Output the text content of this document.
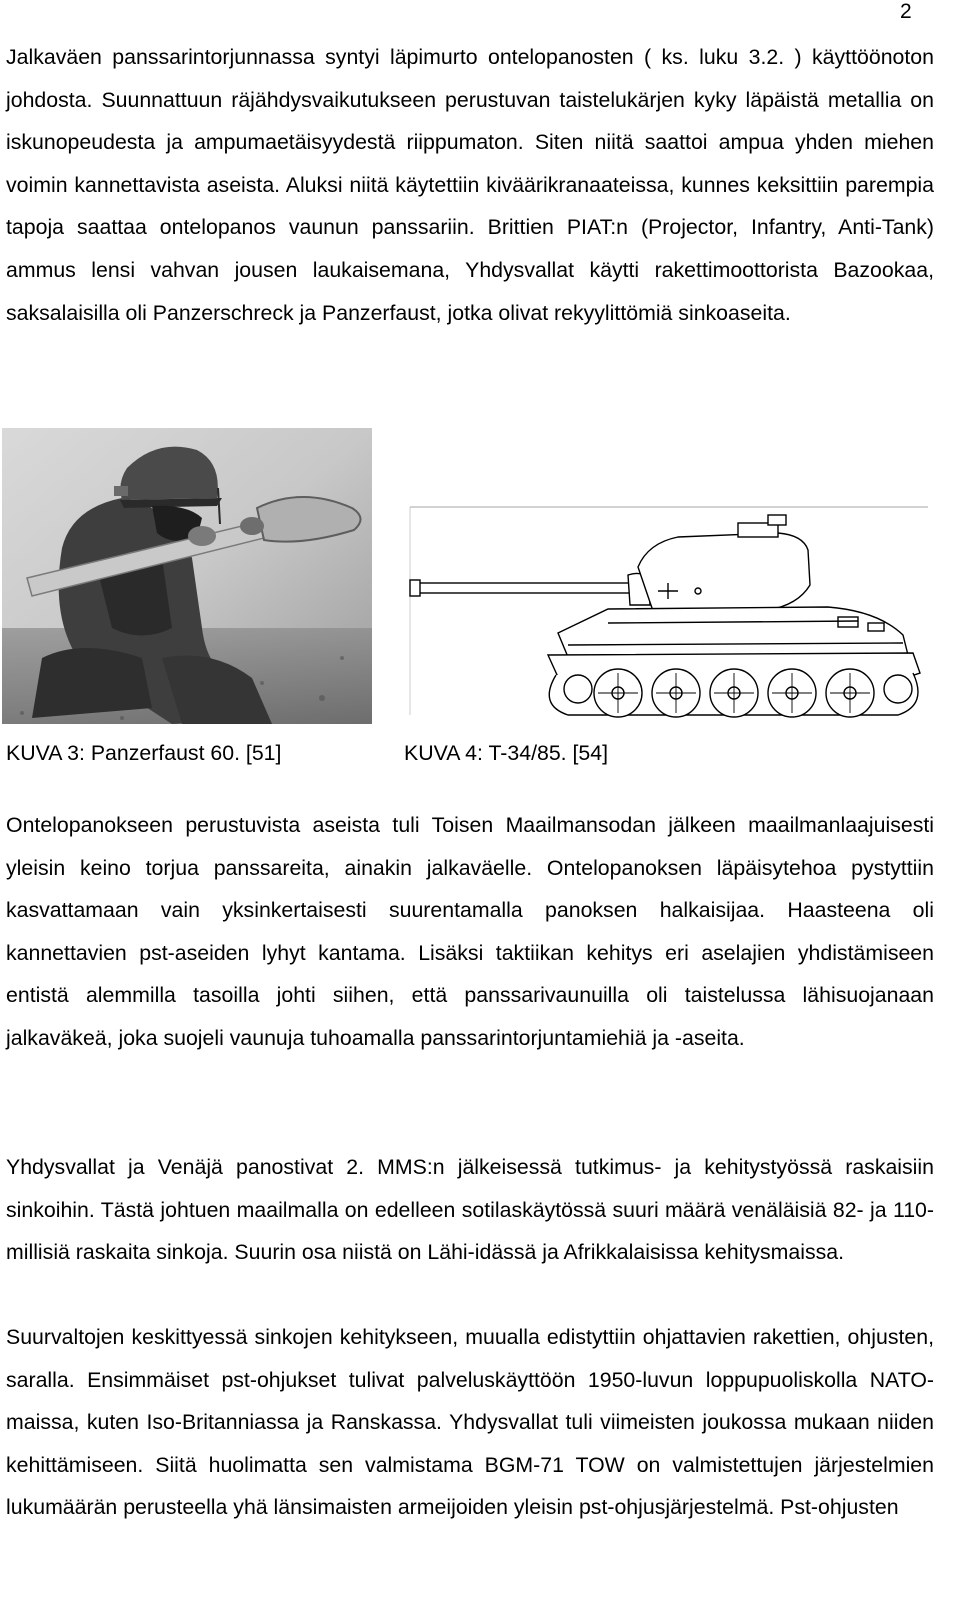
2

Jalkaväen panssarintorjunnassa syntyi läpimurto ontelopanosten ( ks. luku 3.2. ) käyttöönoton johdosta. Suunnattuun räjähdysvaikutukseen perustuvan taistelukärjen kyky läpäistä metallia on iskunopeudesta ja ampumaetäisyydestä riippumaton. Siten niitä saattoi ampua yhden miehen voimin kannettavista aseista. Aluksi niitä käytettiin kiväärikranaateissa, kunnes keksittiin parempia tapoja saattaa ontelopanos vaunun panssariin. Brittien PIAT:n (Projector, Infantry, Anti-Tank) ammus lensi vahvan jousen laukaisemana, Yhdysvallat käytti rakettimoottorista Bazookaa, saksalaisilla oli Panzerschreck ja Panzerfaust, jotka olivat rekyylittömiä sinkoaseita.

KUVA 3: Panzerfaust 60. [51]	KUVA 4: T-34/85. [54]

Ontelopanokseen perustuvista aseista tuli Toisen Maailmansodan jälkeen maailmanlaajuisesti yleisin keino torjua panssareita, ainakin jalkaväelle. Ontelopanoksen läpäisytehoa pystyttiin kasvattamaan vain yksinkertaisesti suurentamalla panoksen halkaisijaa. Haasteena oli kannettavien pst-aseiden lyhyt kantama. Lisäksi taktiikan kehitys eri aselajien yhdistämiseen entistä alemmilla tasoilla johti siihen, että panssarivaunuilla oli taistelussa lähisuojanaan jalkaväkeä, joka suojeli vaunuja tuhoamalla panssarintorjuntamiehiä ja -aseita.

Yhdysvallat ja Venäjä panostivat 2. MMS:n jälkeisessä tutkimus- ja kehitystyössä raskaisiin sinkoihin. Tästä johtuen maailmalla on edelleen sotilaskäytössä suuri määrä venäläisiä 82- ja 110-millisiä raskaita sinkoja. Suurin osa niistä on Lähi-idässä ja Afrikkalaisissa kehitysmaissa.

Suurvaltojen keskittyessä sinkojen kehitykseen, muualla edistyttiin ohjattavien rakettien, ohjusten, saralla. Ensimmäiset pst-ohjukset tulivat palveluskäyttöön 1950-luvun loppupuoliskolla NATO-maissa, kuten Iso-Britanniassa ja Ranskassa. Yhdysvallat tuli viimeisten joukossa mukaan niiden kehittämiseen. Siitä huolimatta sen valmistama BGM-71 TOW on valmistettujen järjestelmien lukumäärän perusteella yhä länsimaisten armeijoiden yleisin pst-ohjusjärjestelmä. Pst-ohjusten
